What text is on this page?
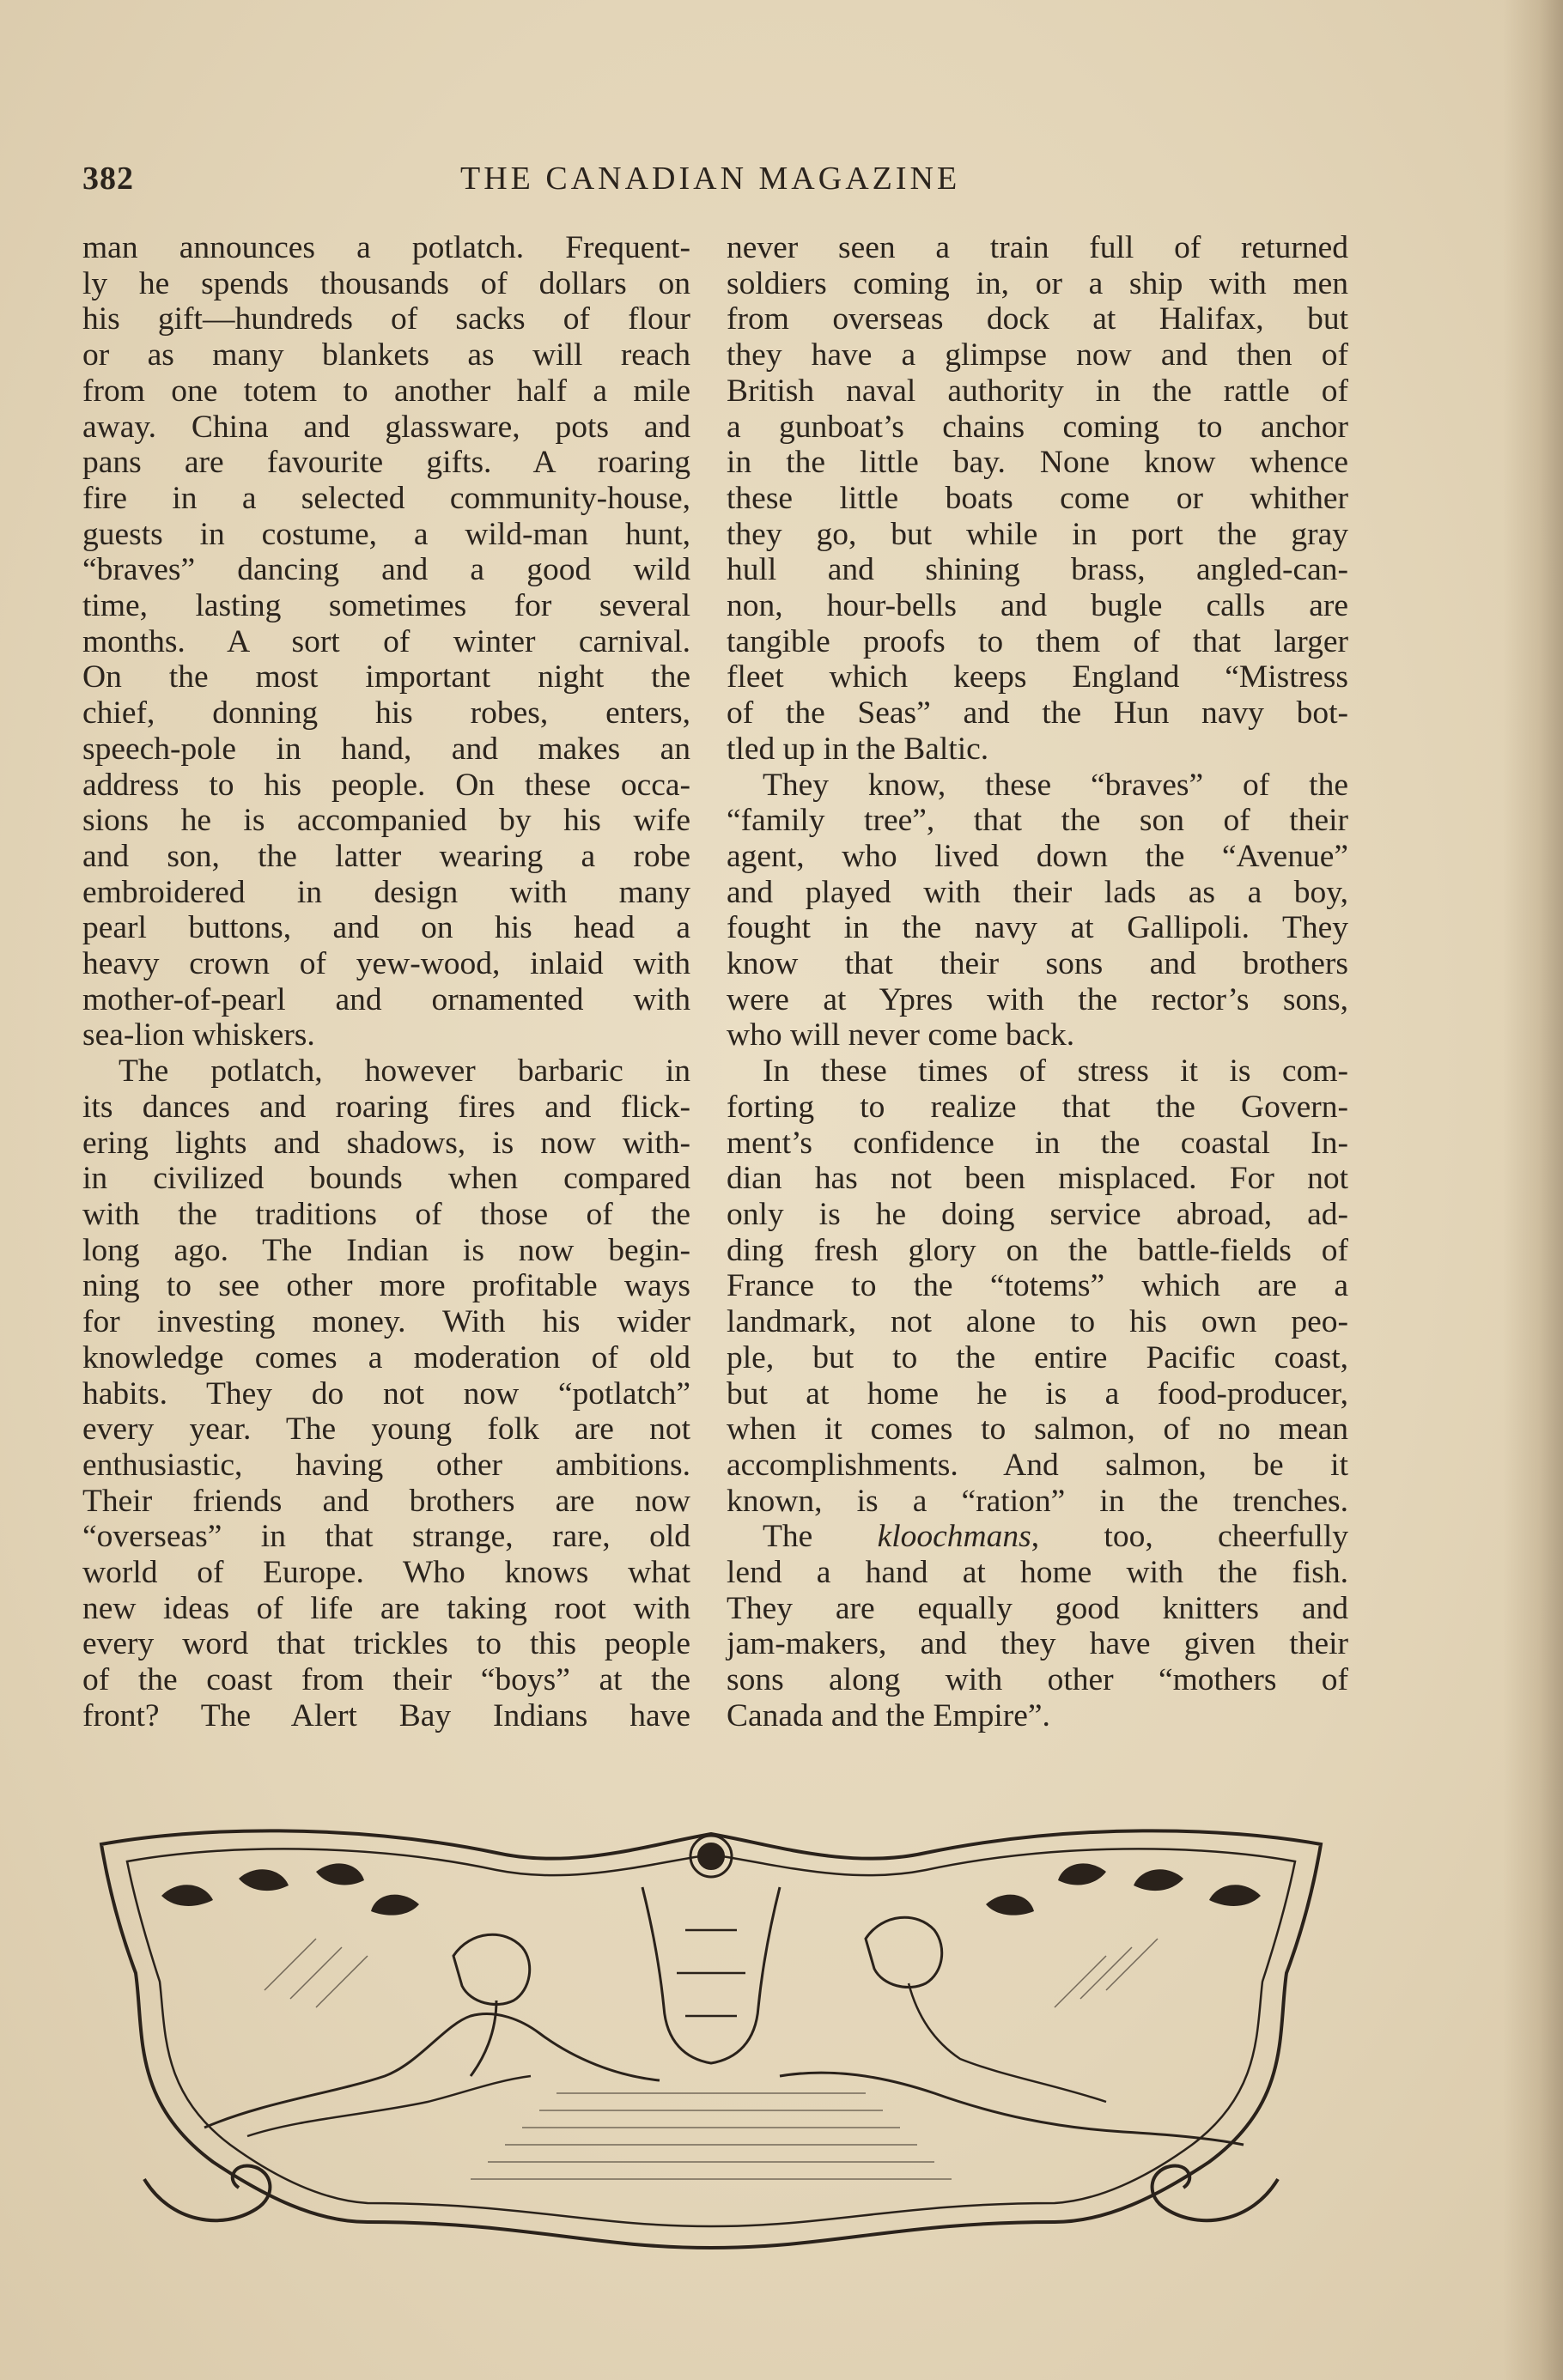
382	THE CANADIAN MAGAZINE
man announces a potlatch. Frequent-
ly he spends thousands of dollars on
his gift—hundreds of sacks of flour
or as many blankets as will reach
from one totem to another half a mile
away. China and glassware, pots and
pans are favourite gifts. A roaring
fire in a selected community-house,
guests in costume, a wild-man hunt,
“braves” dancing and a good wild
time, lasting sometimes for several
months. A sort of winter carnival.
On the most important night the
chief, donning his robes, enters,
speech-pole in hand, and makes an
address to his people. On these occa-
sions he is accompanied by his wife
and son, the latter wearing a robe
embroidered in design with many
pearl buttons, and on his head a
heavy crown of yew-wood, inlaid with
mother-of-pearl and ornamented with
sea-lion whiskers.
The potlatch, however barbaric in
its dances and roaring fires and flick-
ering lights and shadows, is now with-
in civilized bounds when compared
with the traditions of those of the
long ago. The Indian is now begin-
ning to see other more profitable ways
for investing money. With his wider
knowledge comes a moderation of old
habits. They do not now “potlatch”
every year. The young folk are not
enthusiastic, having other ambitions.
Their friends and brothers are now
“overseas” in that strange, rare, old
world of Europe. Who knows what
new ideas of life are taking root with
every word that trickles to this people
of the coast from their “boys” at the
front? The Alert Bay Indians have
never seen a train full of returned
soldiers coming in, or a ship with men
from overseas dock at Halifax, but
they have a glimpse now and then of
British naval authority in the rattle of
a gunboat’s chains coming to anchor
in the little bay. None know whence
these little boats come or whither
they go, but while in port the gray
hull and shining brass, angled-can-
non, hour-bells and bugle calls are
tangible proofs to them of that larger
fleet which keeps England “Mistress
of the Seas” and the Hun navy bot-
tled up in the Baltic.
They know, these “braves” of the
“family tree”, that the son of their
agent, who lived down the “Avenue”
and played with their lads as a boy,
fought in the navy at Gallipoli. They
know that their sons and brothers
were at Ypres with the rector’s sons,
who will never come back.
In these times of stress it is com-
forting to realize that the Govern-
ment’s confidence in the coastal In-
dian has not been misplaced. For not
only is he doing service abroad, ad-
ding fresh glory on the battle-fields of
France to the “totems” which are a
landmark, not alone to his own peo-
ple, but to the entire Pacific coast,
but at home he is a food-producer,
when it comes to salmon, of no mean
accomplishments. And salmon, be it
known, is a “ration” in the trenches.
The kloochmans, too, cheerfully
lend a hand at home with the fish.
They are equally good knitters and
jam-makers, and they have given their
sons along with other “mothers of
Canada and the Empire”.
